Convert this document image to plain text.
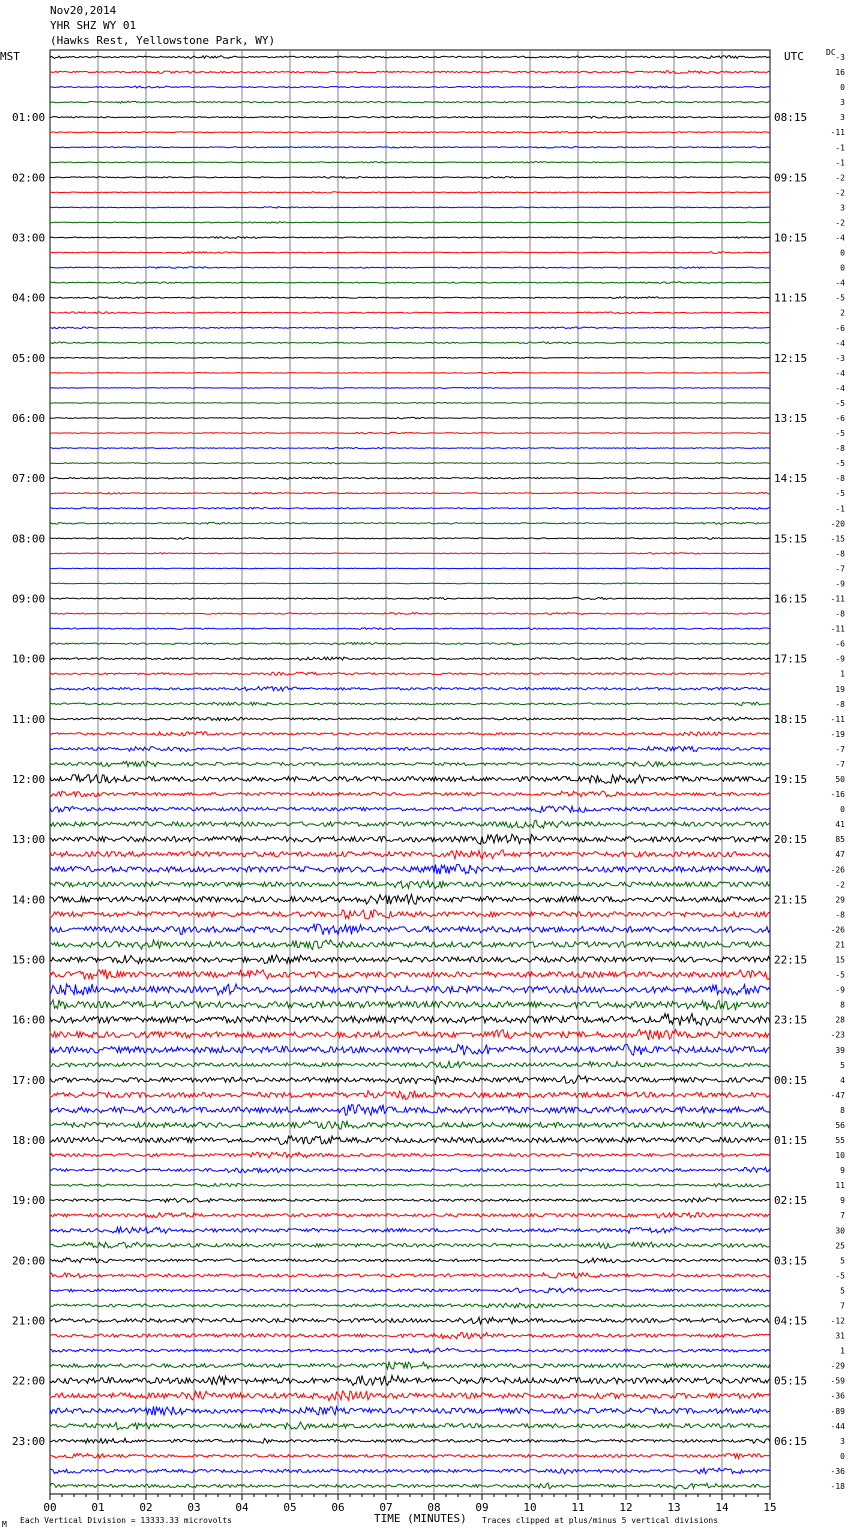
Nov20,2014
YHR SHZ WY 01
(Hawks Rest, Yellowstone Park, WY)
MST	UTC	DC
01:00	08:15
02:00	09:15
03:00	10:15
04:00	11:15
05:00	12:15
06:00	13:15
07:00	14:15
08:00	15:15
09:00	16:15
10:00	17:15
11:00	18:15
12:00	19:15
13:00	20:15
14:00	21:15
15:00	22:15
16:00	23:15
17:00	00:15
18:00	01:15
19:00	02:15
20:00	03:15
21:00	04:15
22:00	05:15
23:00	06:15
-3
16
0
3
3
-11
-1
-1
-2
-2
3
-2
-4
0
0
-4
-5
2
-6
-4
-3
-4
-4
-5
-6
-5
-8
-5
-8
-5
-1
-20
-15
-8
-7
-9
-11
-8
-11
-6
-9
1
19
-8
-11
-19
-7
-7
50
-16
0
41
85
47
-26
-2
29
-8
-26
21
15
-5
-9
8
28
-23
39
5
4
-47
8
56
55
10
9
11
9
7
30
25
5
-5
5
7
-12
31
1
-29
-59
-36
-89
-44
3
0
-36
-18
00	01	02	03	04	05	06	07	08	09	10	11	12	13	14	15
TIME (MINUTES)
Each Vertical Division = 13333.33 microvolts	Traces clipped at plus/minus 5 vertical divisions
M
